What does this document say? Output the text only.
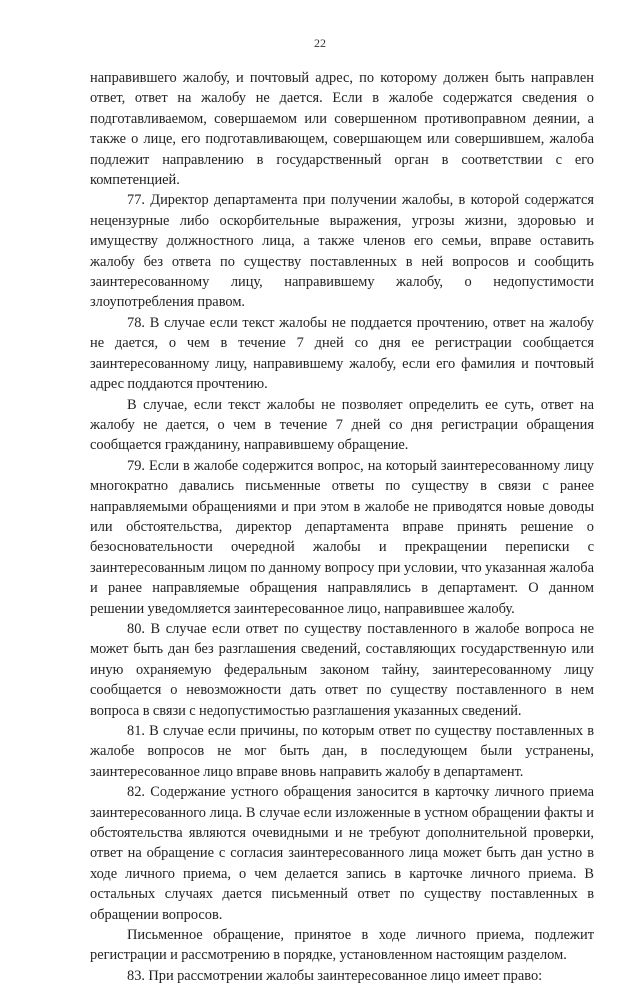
22

направившего жалобу, и почтовый адрес, по которому должен быть направлен ответ, ответ на жалобу не дается. Если в жалобе содержатся сведения о подготавливаемом, совершаемом или совершенном противоправном деянии, а также о лице, его подготавливающем, совершающем или совершившем, жалоба подлежит направлению в государственный орган в соответствии с его компетенцией.

77. Директор департамента при получении жалобы, в которой содержатся нецензурные либо оскорбительные выражения, угрозы жизни, здоровью и имуществу должностного лица, а также членов его семьи, вправе оставить жалобу без ответа по существу поставленных в ней вопросов и сообщить заинтересованному лицу, направившему жалобу, о недопустимости злоупотребления правом.

78. В случае если текст жалобы не поддается прочтению, ответ на жалобу не дается, о чем в течение 7 дней со дня ее регистрации сообщается заинтересованному лицу, направившему жалобу, если его фамилия и почтовый адрес поддаются прочтению.

В случае, если текст жалобы не позволяет определить ее суть, ответ на жалобу не дается, о чем в течение 7 дней со дня регистрации обращения сообщается гражданину, направившему обращение.

79. Если в жалобе содержится вопрос, на который заинтересованному лицу многократно давались письменные ответы по существу в связи с ранее направляемыми обращениями и при этом в жалобе не приводятся новые доводы или обстоятельства, директор департамента вправе принять решение о безосновательности очередной жалобы и прекращении переписки с заинтересованным лицом по данному вопросу при условии, что указанная жалоба и ранее направляемые обращения направлялись в департамент. О данном решении уведомляется заинтересованное лицо, направившее жалобу.

80. В случае если ответ по существу поставленного в жалобе вопроса не может быть дан без разглашения сведений, составляющих государственную или иную охраняемую федеральным законом тайну, заинтересованному лицу сообщается о невозможности дать ответ по существу поставленного в нем вопроса в связи с недопустимостью разглашения указанных сведений.

81. В случае если причины, по которым ответ по существу поставленных в жалобе вопросов не мог быть дан, в последующем были устранены, заинтересованное лицо вправе вновь направить жалобу в департамент.

82. Содержание устного обращения заносится в карточку личного приема заинтересованного лица. В случае если изложенные в устном обращении факты и обстоятельства являются очевидными и не требуют дополнительной проверки, ответ на обращение с согласия заинтересованного лица может быть дан устно в ходе личного приема, о чем делается запись в карточке личного приема. В остальных случаях дается письменный ответ по существу поставленных в обращении вопросов.

Письменное обращение, принятое в ходе личного приема, подлежит регистрации и рассмотрению в порядке, установленном настоящим разделом.

83. При рассмотрении жалобы заинтересованное лицо имеет право:
